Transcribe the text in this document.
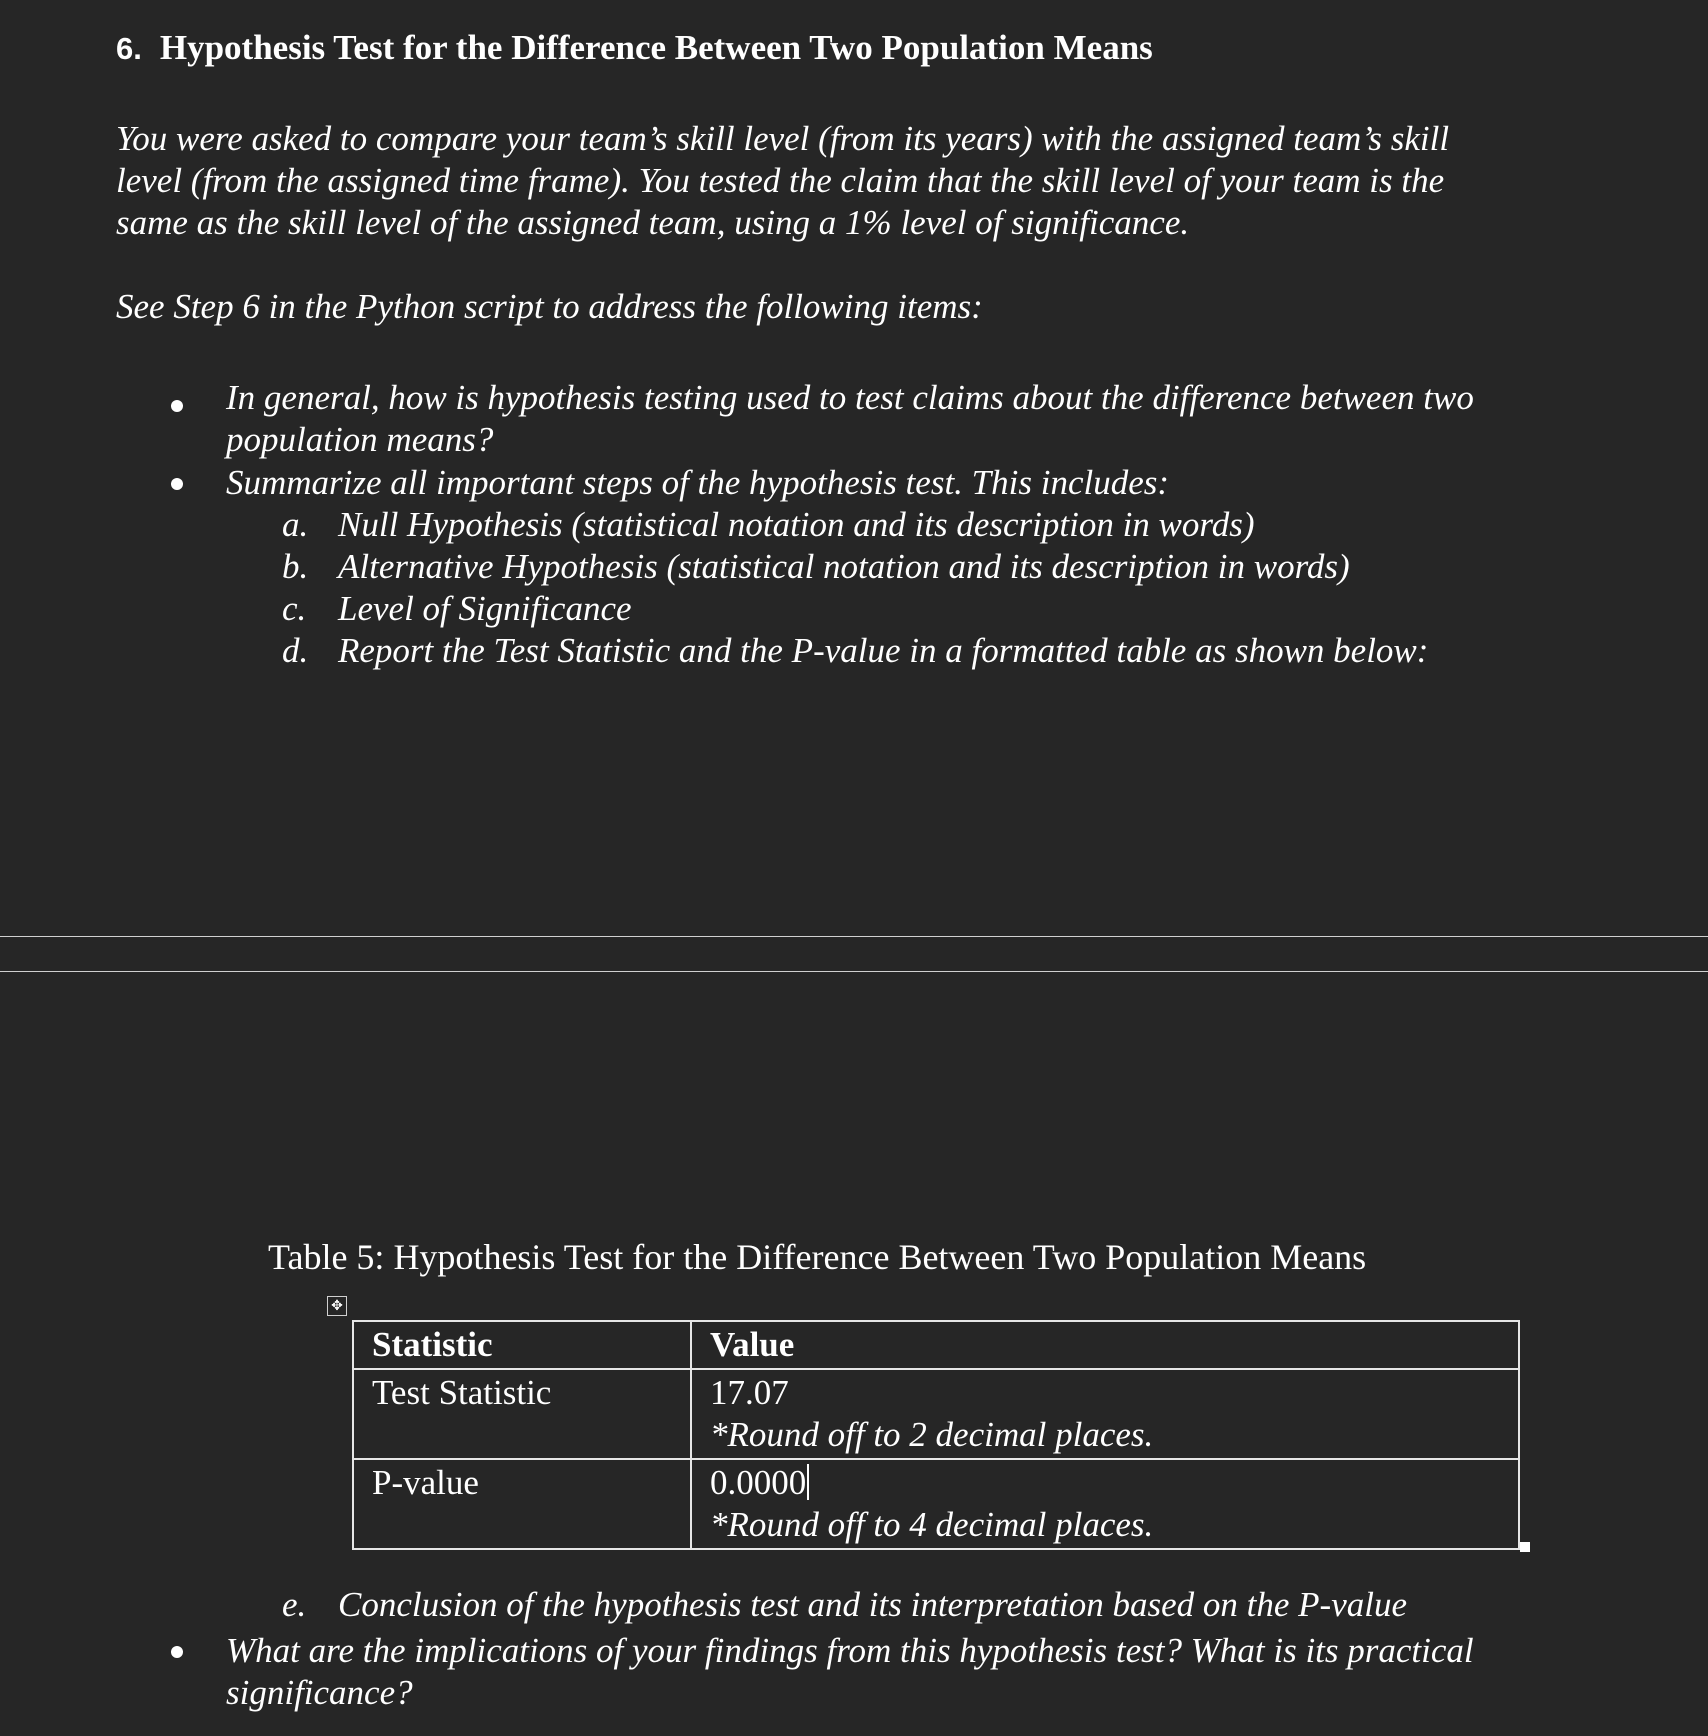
6. Hypothesis Test for the Difference Between Two Population Means
You were asked to compare your team’s skill level (from its years) with the assigned team’s skill
level (from the assigned time frame). You tested the claim that the skill level of your team is the
same as the skill level of the assigned team, using a 1% level of significance.
See Step 6 in the Python script to address the following items:
In general, how is hypothesis testing used to test claims about the difference between two
population means?
Summarize all important steps of the hypothesis test. This includes:
a. Null Hypothesis (statistical notation and its description in words)
b. Alternative Hypothesis (statistical notation and its description in words)
c. Level of Significance
d. Report the Test Statistic and the P-value in a formatted table as shown below:
Table 5: Hypothesis Test for the Difference Between Two Population Means
✥
Statistic	Value
Test Statistic	17.07
*Round off to 2 decimal places.

P-value	0.0000
*Round off to 4 decimal places.
e. Conclusion of the hypothesis test and its interpretation based on the P-value
What are the implications of your findings from this hypothesis test? What is its practical
significance?
